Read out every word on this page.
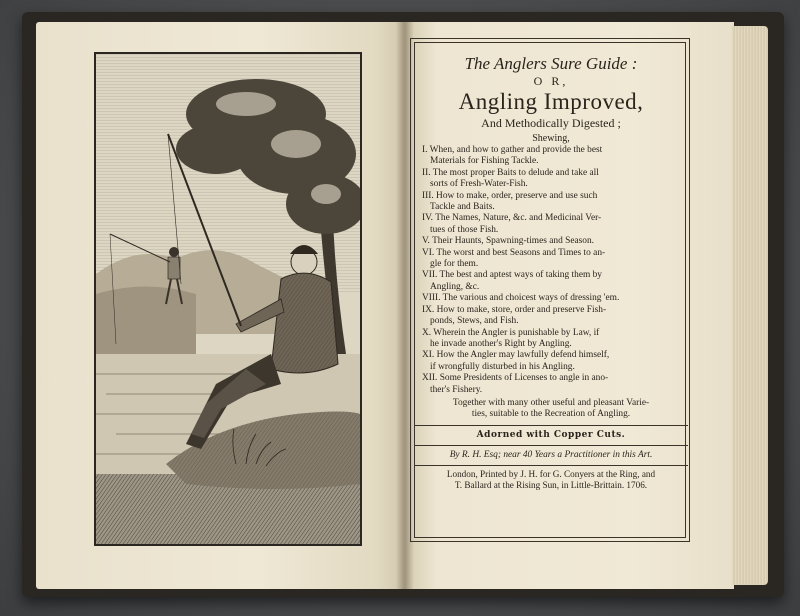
The Anglers Sure Guide :
O R,
Angling Improved,
And Methodically Digested ;
Shewing,
I. When, and how to gather and provide the best
Materials for Fishing Tackle.
II. The most proper Baits to delude and take all
sorts of Fresh-Water-Fish.
III. How to make, order, preserve and use such
Tackle and Baits.
IV. The Names, Nature, &c. and Medicinal Ver-
tues of those Fish.
V. Their Haunts, Spawning-times and Season.
VI. The worst and best Seasons and Times to an-
gle for them.
VII. The best and aptest ways of taking them by
Angling, &c.
VIII. The various and choicest ways of dressing 'em.
IX. How to make, store, order and preserve Fish-
ponds, Stews, and Fish.
X. Wherein the Angler is punishable by Law, if
he invade another's Right by Angling.
XI. How the Angler may lawfully defend himself,
if wrongfully disturbed in his Angling.
XII. Some Presidents of Licenses to angle in ano-
ther's Fishery.
Together with many other useful and pleasant Varie-
ties, suitable to the Recreation of Angling.
Adorned with Copper Cuts.
By R. H. Esq; near 40 Years a Practitioner in this Art.
London, Printed by J. H. for G. Conyers at the Ring, and
T. Ballard at the Rising Sun, in Little-Brittain. 1706.
